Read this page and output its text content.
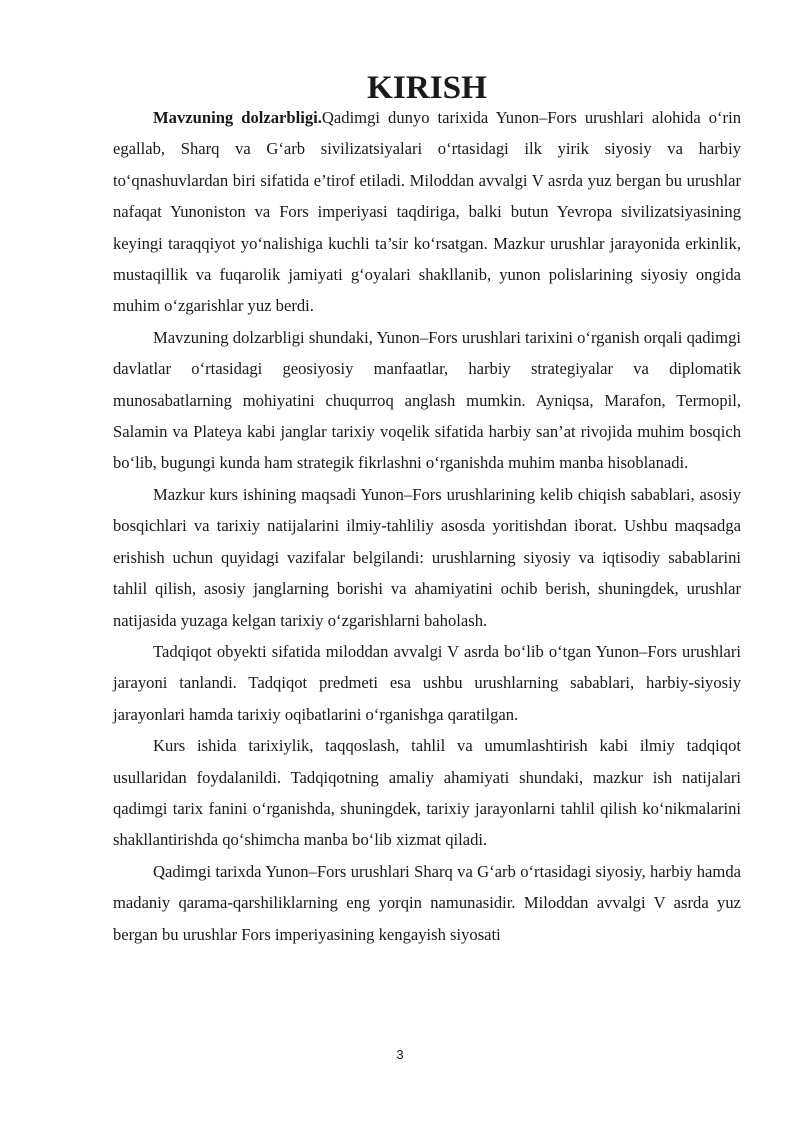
KIRISH

Mavzuning dolzarbligi.Qadimgi dunyo tarixida Yunon–Fors urushlari alohida o‘rin egallab, Sharq va G‘arb sivilizatsiyalari o‘rtasidagi ilk yirik siyosiy va harbiy to‘qnashuvlardan biri sifatida e’tirof etiladi. Miloddan avvalgi V asrda yuz bergan bu urushlar nafaqat Yunoniston va Fors imperiyasi taqdiriga, balki butun Yevropa sivilizatsiyasining keyingi taraqqiyot yo‘nalishiga kuchli ta’sir ko‘rsatgan. Mazkur urushlar jarayonida erkinlik, mustaqillik va fuqarolik jamiyati g‘oyalari shakllanib, yunon polislarining siyosiy ongida muhim o‘zgarishlar yuz berdi.

Mavzuning dolzarbligi shundaki, Yunon–Fors urushlari tarixini o‘rganish orqali qadimgi davlatlar o‘rtasidagi geosiyosiy manfaatlar, harbiy strategiyalar va diplomatik munosabatlarning mohiyatini chuqurroq anglash mumkin. Ayniqsa, Marafon, Termopil, Salamin va Plateya kabi janglar tarixiy voqelik sifatida harbiy san’at rivojida muhim bosqich bo‘lib, bugungi kunda ham strategik fikrlashni o‘rganishda muhim manba hisoblanadi.

Mazkur kurs ishining maqsadi Yunon–Fors urushlarining kelib chiqish sabablari, asosiy bosqichlari va tarixiy natijalarini ilmiy-tahliliy asosda yoritishdan iborat. Ushbu maqsadga erishish uchun quyidagi vazifalar belgilandi: urushlarning siyosiy va iqtisodiy sabablarini tahlil qilish, asosiy janglarning borishi va ahamiyatini ochib berish, shuningdek, urushlar natijasida yuzaga kelgan tarixiy o‘zgarishlarni baholash.

Tadqiqot obyekti sifatida miloddan avvalgi V asrda bo‘lib o‘tgan Yunon–Fors urushlari jarayoni tanlandi. Tadqiqot predmeti esa ushbu urushlarning sabablari, harbiy-siyosiy jarayonlari hamda tarixiy oqibatlarini o‘rganishga qaratilgan.

Kurs ishida tarixiylik, taqqoslash, tahlil va umumlashtirish kabi ilmiy tadqiqot usullaridan foydalanildi. Tadqiqotning amaliy ahamiyati shundaki, mazkur ish natijalari qadimgi tarix fanini o‘rganishda, shuningdek, tarixiy jarayonlarni tahlil qilish ko‘nikmalarini shakllantirishda qo‘shimcha manba bo‘lib xizmat qiladi.

Qadimgi tarixda Yunon–Fors urushlari Sharq va G‘arb o‘rtasidagi siyosiy, harbiy hamda madaniy qarama-qarshiliklarning eng yorqin namunasidir. Miloddan avvalgi V asrda yuz bergan bu urushlar Fors imperiyasining kengayish siyosati

3
